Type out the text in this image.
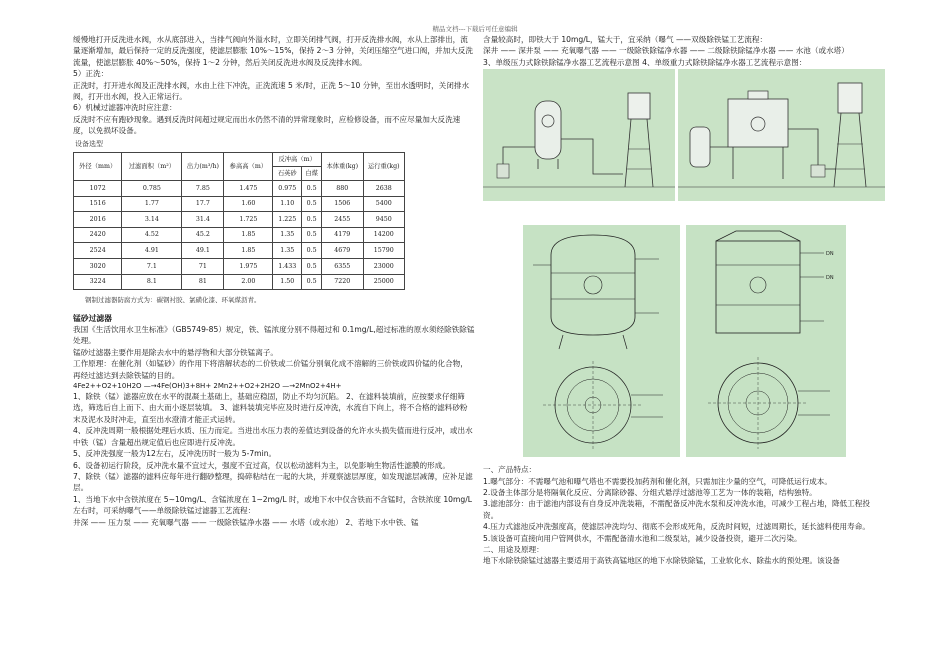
精品文档---下载后可任意编辑
缓慢地打开反洗进水阀，水从底部进入，当排气阀向外溢水时，立即关闭排气阀，打开反洗排水阀，水从上部排出，流量逐渐增加，最后保持一定的反洗强度，使滤层膨胀 10%～15%，保持 2～3 分钟，关闭压缩空气进口阀，并加大反洗流量，使滤层膨胀 40%～50%，保持 1～2 分钟，然后关闭反洗进水阀及反洗排水阀。
5）正洗：
正洗时，打开进水阀及正洗排水阀，水由上往下冲洗，正洗流速 5 米/时，正洗 5～10 分钟，至出水透明时，关闭排水阀，打开出水阀，投入正常运行。
6）机械过滤器冲洗时应注意：
反洗时不应有跑砂现象。遇到反洗时间超过规定而出水仍然不清的异常现象时，应检修设备，而不应尽量加大反洗速度，以免损坏设备。
设备选型
外径（mm）	过滤面积（m²）	出力(m³/h)	参高高（m）	反冲高（m）		本体重(kg)	运行重(kg)
				石英砂	白煤		
1072	0.785	7.85	1.475	0.975	0.5	880	2638
1516	1.77	17.7	1.60	1.10	0.5	1506	5400
2016	3.14	31.4	1.725	1.225	0.5	2455	9450
2420	4.52	45.2	1.85	1.35	0.5	4179	14200
2524	4.91	49.1	1.85	1.35	0.5	4679	15790
3020	7.1	71	1.975	1.433	0.5	6355	23000
3224	8.1	81	2.00	1.50	0.5	7220	25000
钢制过滤器防腐方式为：碳钢衬胶、氯磺化漆、环氧煤沥青。
锰砂过滤器
我国《生活饮用水卫生标准》（GB5749-85）规定，铁、锰浓度分别不得超过和 0.1mg/L,超过标准的原水须经除铁除锰处理。
锰砂过滤器主要作用是除去水中的悬浮物和大部分铁锰离子。
工作原理：在催化剂（如锰砂）的作用下将溶解状态的二价铁或二价锰分别氧化成不溶解的三价铁或四价锰的化合物，再经过滤达到去除铁锰的目的。
4Fe2++O2+10H2O —→4Fe(OH)3+8H+ 2Mn2++O2+2H2O —→2MnO2+4H+
1、除铁（锰）滤器应放在水平的混凝土基础上，基础应稳固，防止不均匀沉陷。 2、在滤料装填前，应按要求仔细筛选，筛选后自上而下、由大而小逐层装填。 3、滤料装填完毕应及时进行反冲洗，水流自下向上，将不合格的滤料砂粉末及泥水及时冲走，直至出水澄清才能正式运转。
4、反冲洗周期一般根据处理后水质、压力而定。当进出水压力表的差值达到设备的允许水头损失值而进行反冲，或出水中铁（锰）含量超出规定值后也应即进行反冲洗。
5、反冲洗强度一般为12左右，反冲洗历时一般为 5-7min。
6、设备初运行阶段，反冲洗水量不宜过大，强度不宜过高，仅以松动滤料为主，以免影响生物活性滤膜的形成。
7、除铁（锰）滤器的滤料应每年进行翻砂整理，捣碎粘结在一起的大块，并观察滤层厚度，如发现滤层减薄，应补足滤层。
1、当地下水中含铁浓度在 5~10mg/L、含锰浓度在 1~2mg/L 时，或地下水中仅含铁而不含锰时，含铁浓度 10mg/L 左右时，可采纳曝气——单级除铁锰过滤器工艺流程：
井深 —— 压力泵 —— 充氧曝气器 —— 一级除铁锰净水器 —— 水塔（或水池） 2、若地下水中铁、锰
含量较高时，即铁大于 10mg/L，锰大于，宜采纳（曝气 ——双级除铁锰工艺流程：
深井 —— 深井泵 —— 充氧曝气器 —— 一级除铁除锰净水器 —— 二级除铁除锰净水器 —— 水池（或水塔）
3、单级压力式除铁除锰净水器工艺流程示意图 4、单级重力式除铁除锰净水器工艺流程示意图：
DN
DN
一、产品特点：
1.曝气部分：不需曝气池和曝气塔也不需要投加药剂和催化剂，只需加注少量的空气，可降低运行成本。
2.设备主体部分是将隔氧化反应、分离除砂器、分组式悬浮过滤池等工艺为一体的装箱，结构独特。
3.滤池部分：由于滤池内部设有自身反冲洗装箱，不需配备反冲洗水泵和反冲洗水池，可减少工程占地，降低工程投资。
4.压力式滤池反冲洗强度高，使滤层冲洗均匀、彻底不会形成死角，反洗时间短，过滤周期长，延长滤料使用寿命。
5.该设备可直接向用户管网供水，不需配备清水池和二级泵站，减少设备投资，避开二次污染。
二、用途及原理：
地下水除铁除锰过滤器主要适用于高铁高锰地区的地下水除铁除锰，工业软化水、除盐水的预处理。该设备
